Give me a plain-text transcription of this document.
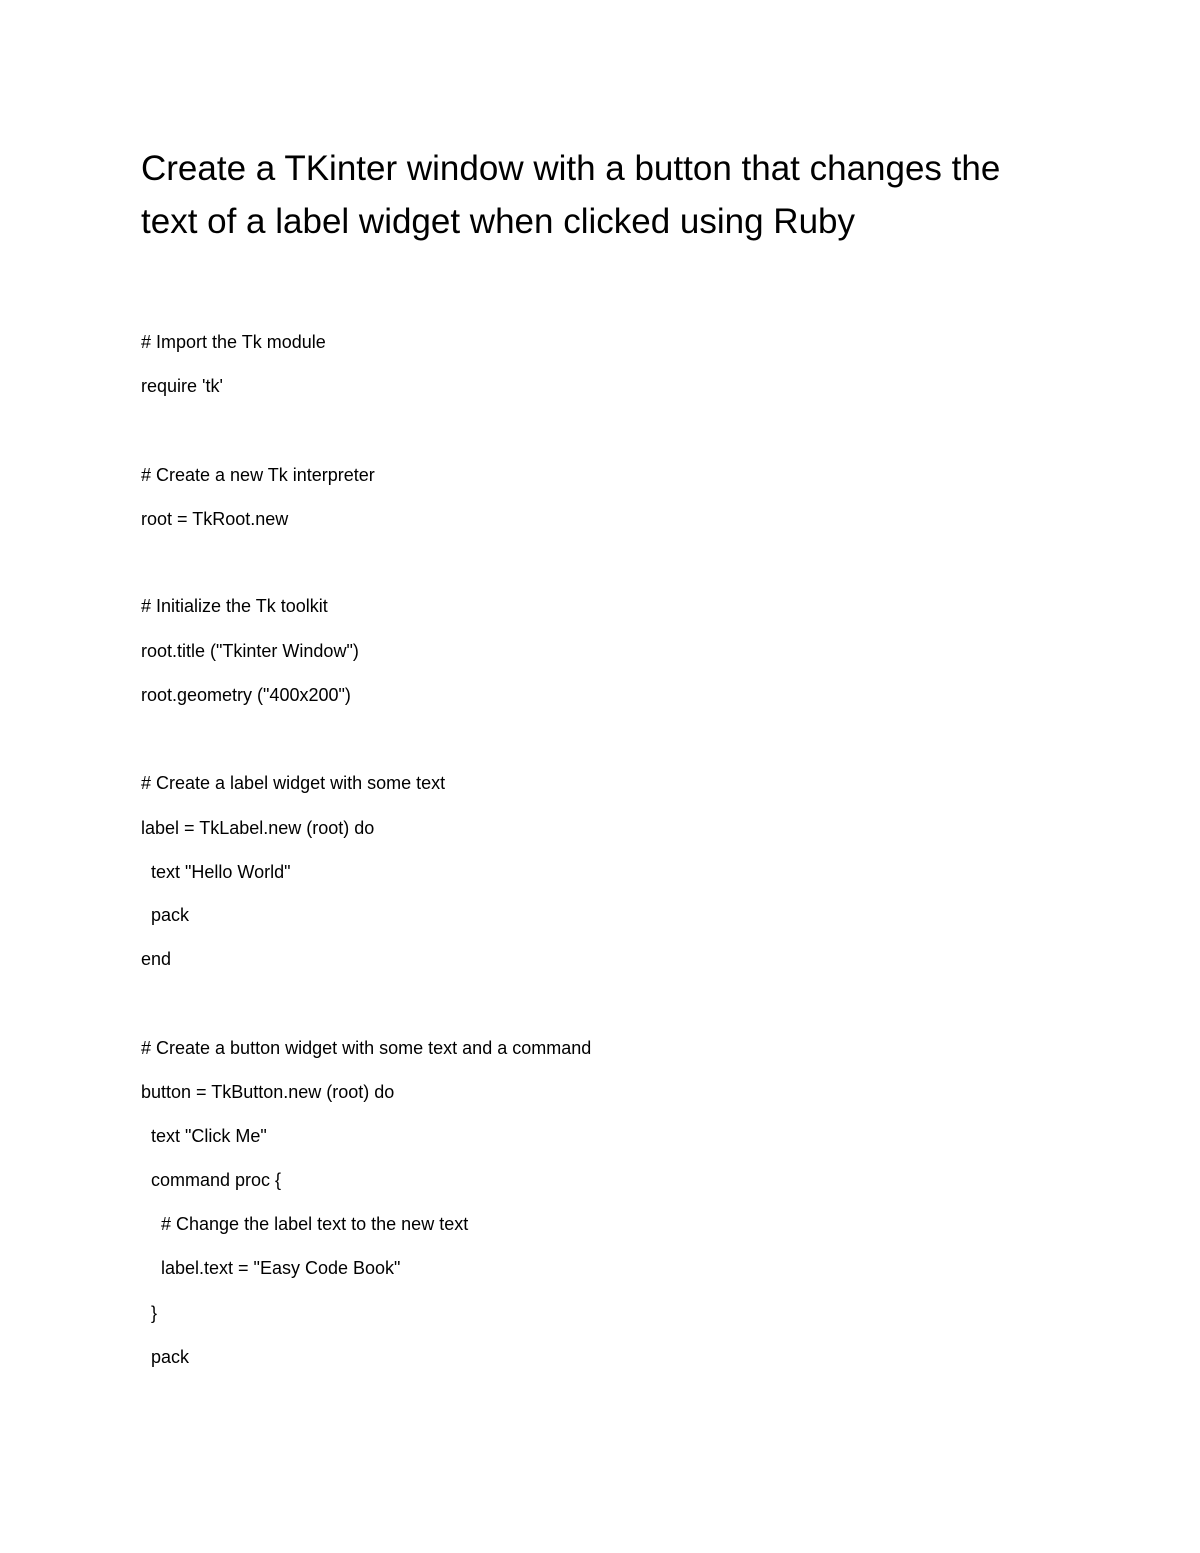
Create a TKinter window with a button that changes the text of a label widget when clicked using Ruby

# Import the Tk module

require 'tk'

# Create a new Tk interpreter

root = TkRoot.new

# Initialize the Tk toolkit

root.title ("Tkinter Window")

root.geometry ("400x200")

# Create a label widget with some text

label = TkLabel.new (root) do

text "Hello World"

pack

end

# Create a button widget with some text and a command

button = TkButton.new (root) do

text "Click Me"

command proc {

# Change the label text to the new text

label.text = "Easy Code Book"

}

pack
